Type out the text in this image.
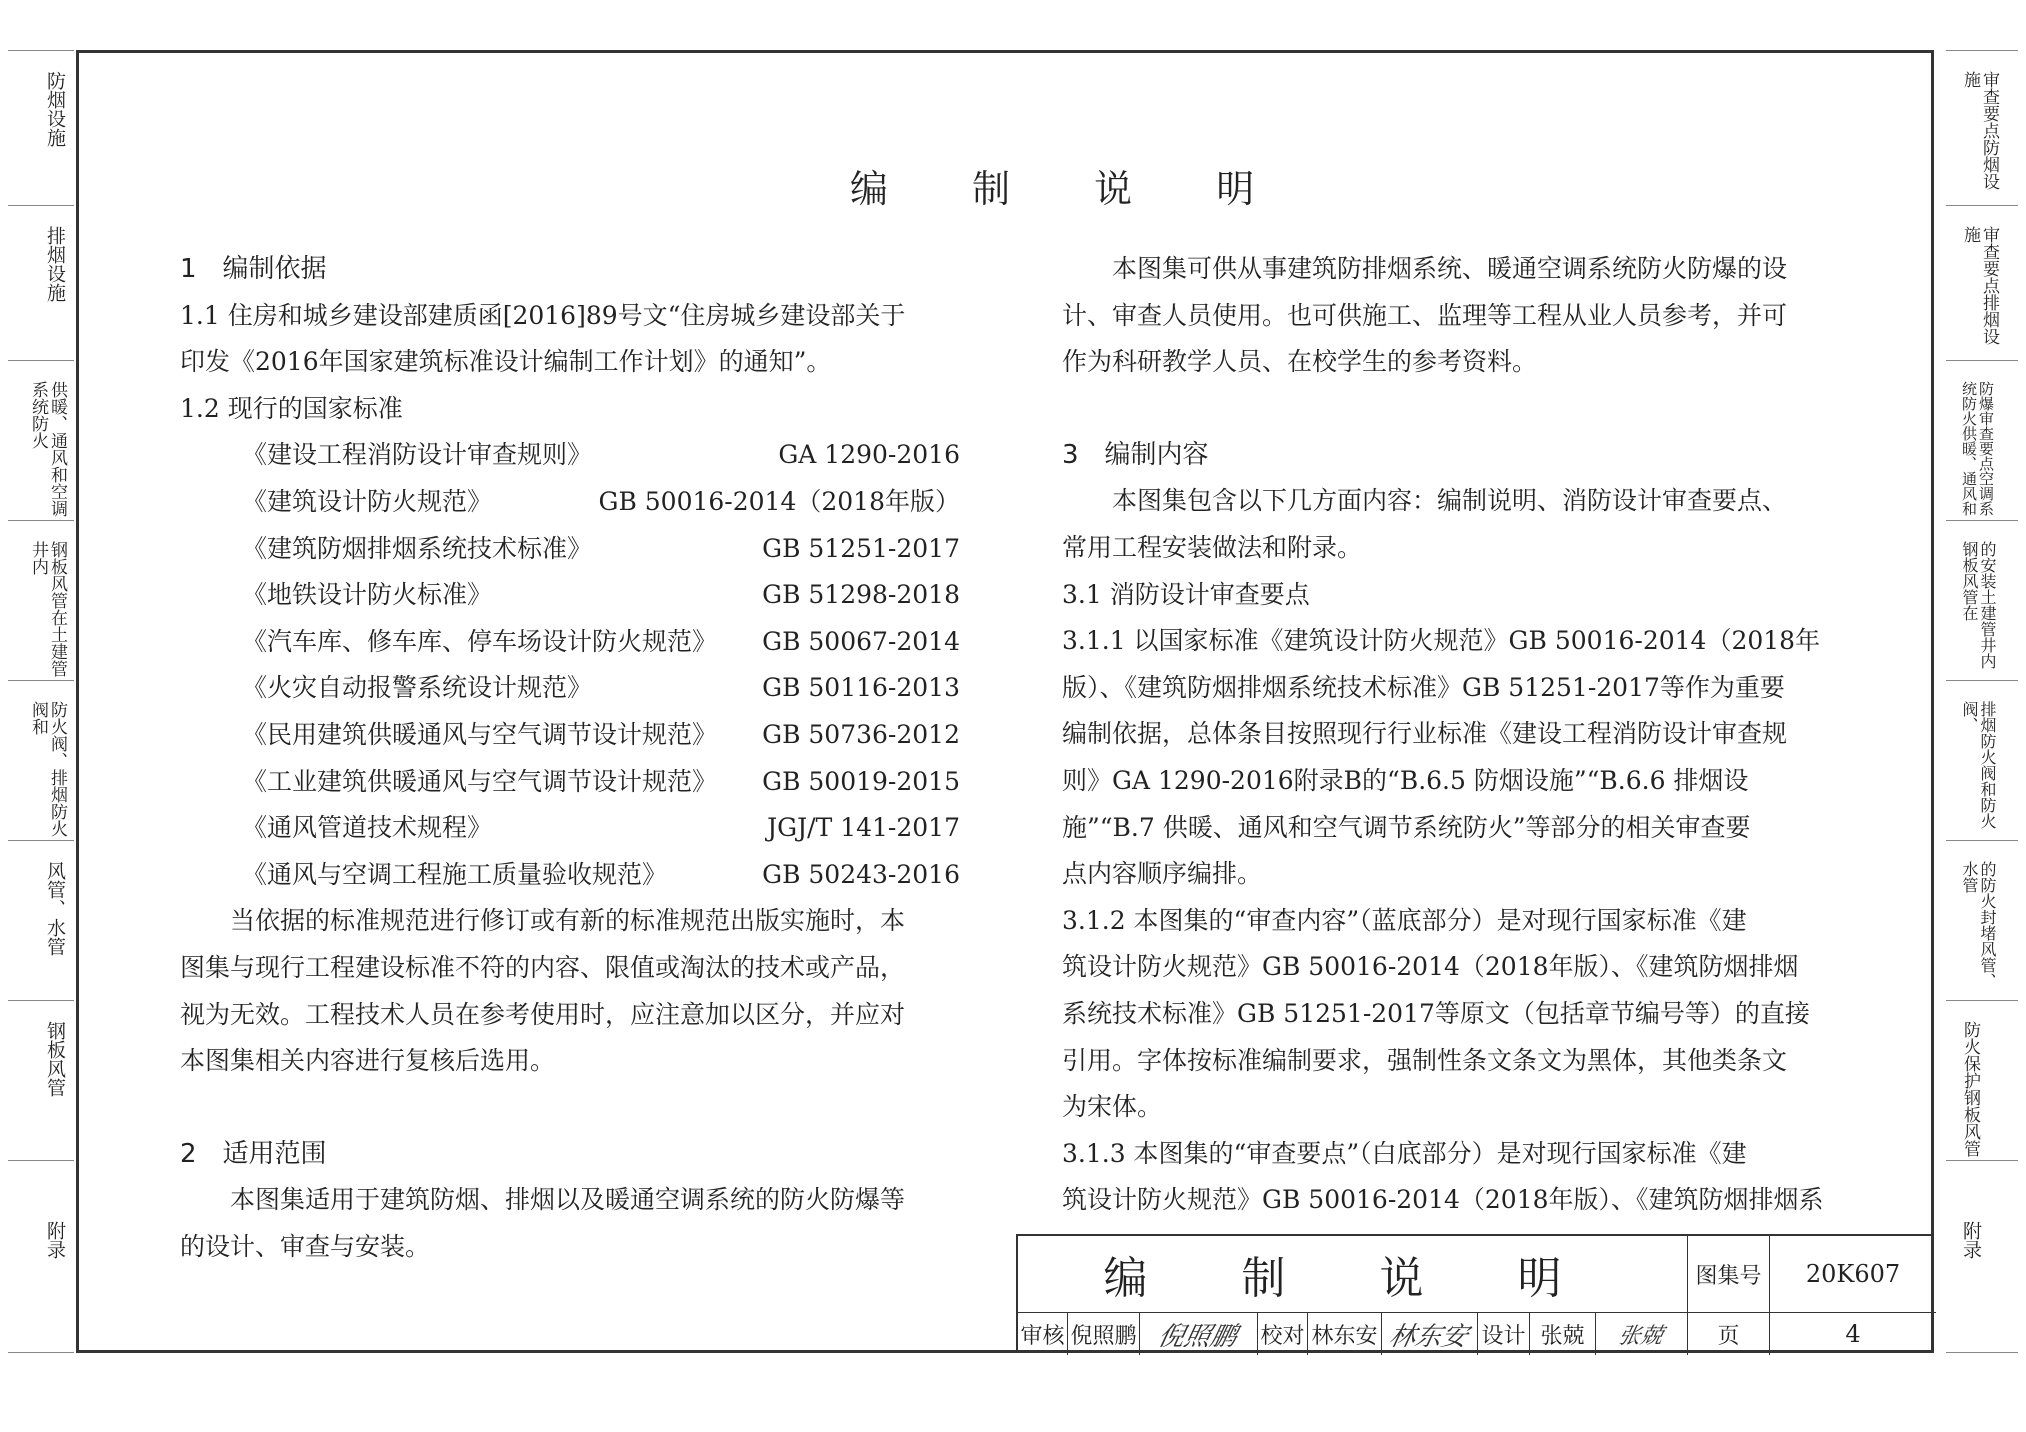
防烟设施
排烟设施
供暖、通风和空调系统防火
钢板风管在土建管井内
防火阀、排烟防火阀和
风管、水管
钢板风管
附录
审查要点防烟设施
审查要点排烟设施
防爆审查要点空调系统防火供暖、通风和
的安装土建管井内钢板风管在
排烟防火阀和防火阀、
的防火封堵风管、水管
防火保护钢板风管
附录
编 制 说 明

1　编制依据

1.1 住房和城乡建设部建质函[2016]89号文“住房城乡建设部关于

印发《2016年国家建筑标准设计编制工作计划》的通知”。

1.2 现行的国家标准

《建设工程消防设计审查规则》	GA 1290-2016
《建筑设计防火规范》	GB 50016-2014（2018年版）
《建筑防烟排烟系统技术标准》	GB 51251-2017
《地铁设计防火标准》	GB 51298-2018
《汽车库、修车库、停车场设计防火规范》 GB 50067-2014
《火灾自动报警系统设计规范》	GB 50116-2013
《民用建筑供暖通风与空气调节设计规范》 GB 50736-2012
《工业建筑供暖通风与空气调节设计规范》 GB 50019-2015
《通风管道技术规程》	JGJ/T 141-2017
《通风与空调工程施工质量验收规范》	GB 50243-2016

当依据的标准规范进行修订或有新的标准规范出版实施时，本

图集与现行工程建设标准不符的内容、限值或淘汰的技术或产品，

视为无效。工程技术人员在参考使用时，应注意加以区分，并应对

本图集相关内容进行复核后选用。

2　适用范围

本图集适用于建筑防烟、排烟以及暖通空调系统的防火防爆等

的设计、审查与安装。

本图集可供从事建筑防排烟系统、暖通空调系统防火防爆的设

计、审查人员使用。也可供施工、监理等工程从业人员参考，并可

作为科研教学人员、在校学生的参考资料。

3　编制内容

本图集包含以下几方面内容：编制说明、消防设计审查要点、

常用工程安装做法和附录。

3.1 消防设计审查要点

3.1.1 以国家标准《建筑设计防火规范》GB 50016-2014（2018年

版）、《建筑防烟排烟系统技术标准》GB 51251-2017等作为重要

编制依据，总体条目按照现行行业标准《建设工程消防设计审查规

则》GA 1290-2016附录B的“B.6.5 防烟设施”“B.6.6 排烟设

施”“B.7 供暖、通风和空气调节系统防火”等部分的相关审查要

点内容顺序编排。

3.1.2 本图集的“审查内容”（蓝底部分）是对现行国家标准《建

筑设计防火规范》GB 50016-2014（2018年版）、《建筑防烟排烟

系统技术标准》GB 51251-2017等原文（包括章节编号等）的直接

引用。字体按标准编制要求，强制性条文条文为黑体，其他类条文

为宋体。

3.1.3 本图集的“审查要点”（白底部分）是对现行国家标准《建

筑设计防火规范》GB 50016-2014（2018年版）、《建筑防烟排烟系

编 制 说 明	图集号	20K607
审核 倪照鹏 倪照鹏 校对 林东安 林东安 设计 张兢	张兢	页	4
